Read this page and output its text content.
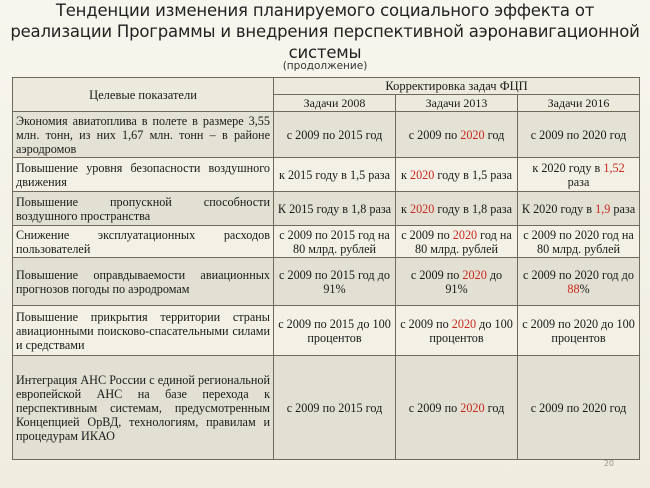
Тенденции изменения планируемого социального эффекта от
реализации Программы и внедрения перспективной аэронавигационной
системы
(продолжение)
Целевые показатели	Корректировка задач ФЦП		
	Задачи 2008	Задачи 2013	Задачи 2016
Экономия авиатоплива в полете в размере 3,55 млн. тонн, из них 1,67 млн. тонн – в районе аэродромов	с 2009 по 2015 год	с 2009 по 2020 год	с 2009 по 2020 год
Повышение уровня безопасности воздушного движения	к 2015 году в 1,5 раза	к 2020 году в 1,5 раза	к 2020 году в 1,52 раза
Повышение пропускной способности воздушного пространства	К 2015 году в 1,8 раза	к 2020 году в 1,8 раза	К 2020 году в 1,9 раза
Снижение эксплуатационных расходов пользователей	с 2009 по 2015 год на 80 млрд. рублей	с 2009 по 2020 год на 80 млрд. рублей	с 2009 по 2020 год на 80 млрд. рублей
Повышение оправдываемости авиационных прогнозов погоды по аэродромам	с 2009 по 2015 год до 91%	с 2009 по 2020 до 91%	с 2009 по 2020 год до 88%
Повышение прикрытия территории страны авиационными поисково-спасательными силами и средствами	с 2009 по 2015 до 100 процентов	с 2009 по 2020 до 100 процентов	с 2009 по 2020 до 100 процентов
Интеграция АНС России с единой региональной европейской АНС на базе перехода к перспективным системам, предусмотренным Концепцией ОрВД, технологиям, правилам и процедурам ИКАО	с 2009 по 2015 год	с 2009 по 2020 год	с 2009 по 2020 год
20
